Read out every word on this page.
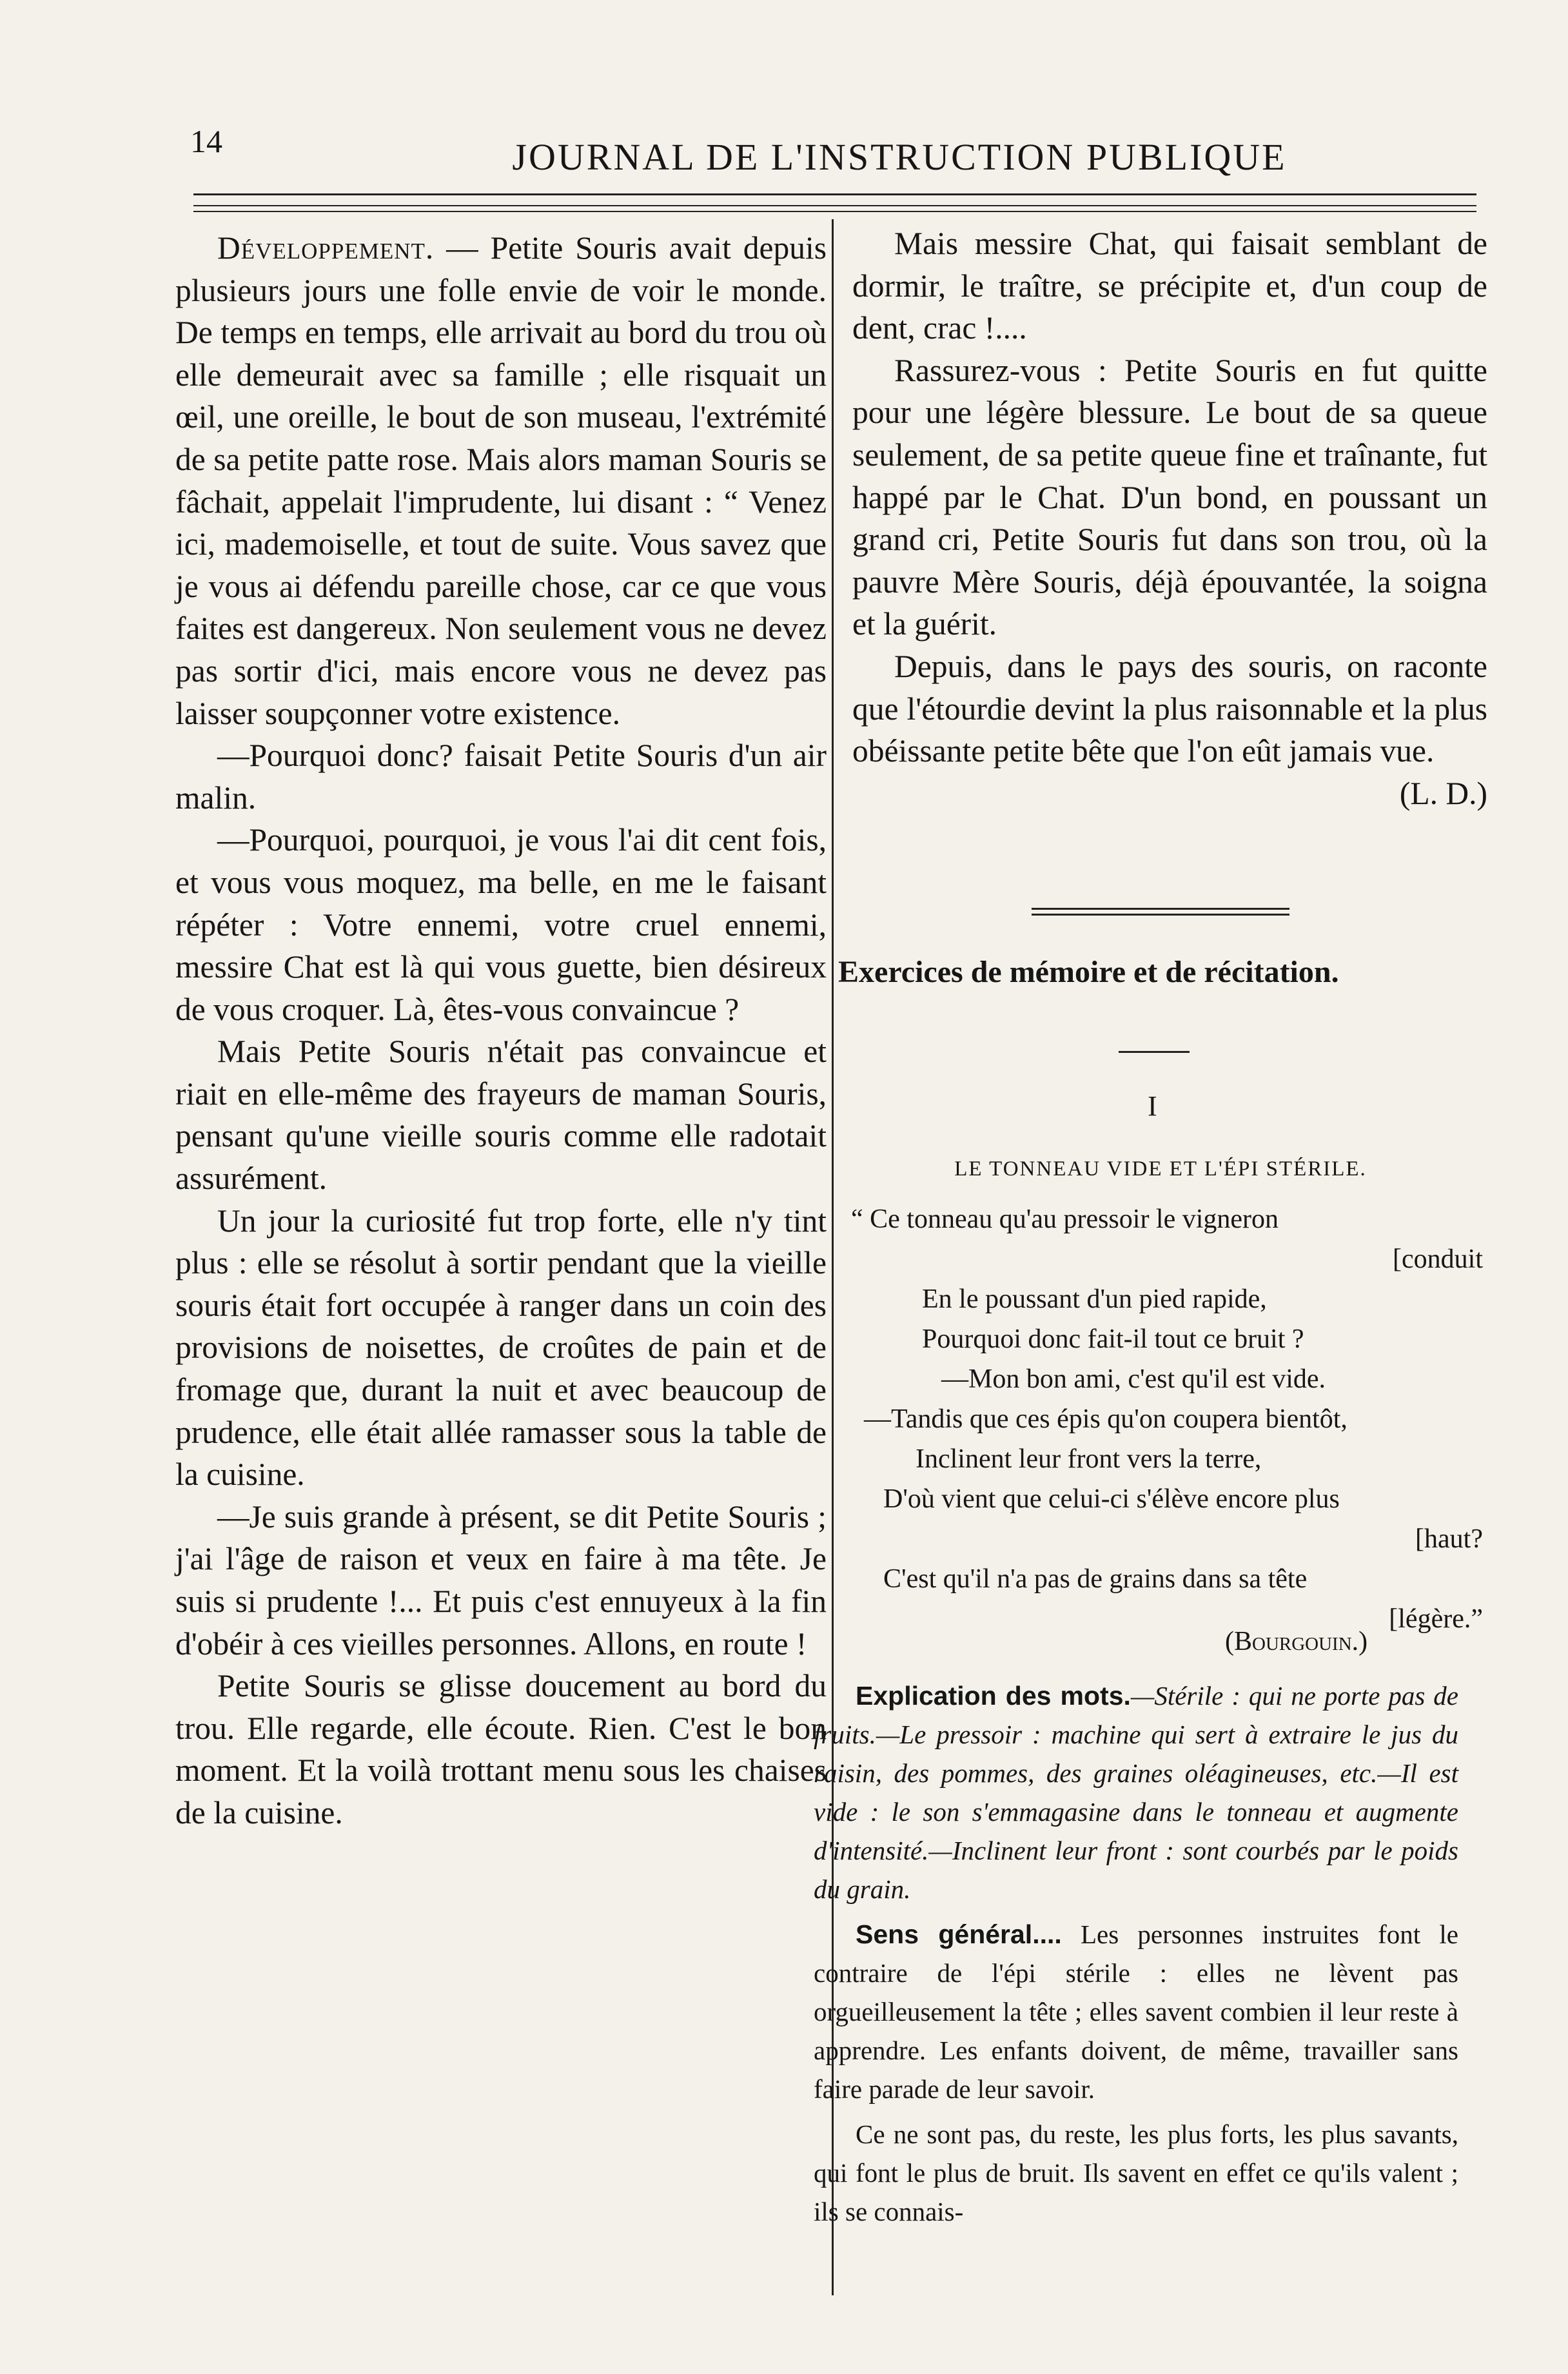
14	JOURNAL DE L'INSTRUCTION PUBLIQUE

Développement. — Petite Souris avait depuis plusieurs jours une folle envie de voir le monde. De temps en temps, elle arrivait au bord du trou où elle demeurait avec sa famille ; elle risquait un œil, une oreille, le bout de son museau, l'extrémité de sa petite patte rose. Mais alors maman Souris se fâchait, appelait l'imprudente, lui disant : “ Venez ici, mademoiselle, et tout de suite. Vous savez que je vous ai défendu pareille chose, car ce que vous faites est dangereux. Non seulement vous ne devez pas sortir d'ici, mais encore vous ne devez pas laisser soupçonner votre existence.

—Pourquoi donc? faisait Petite Souris d'un air malin.

—Pourquoi, pourquoi, je vous l'ai dit cent fois, et vous vous moquez, ma belle, en me le faisant répéter : Votre ennemi, votre cruel ennemi, messire Chat est là qui vous guette, bien désireux de vous croquer. Là, êtes-vous convaincue ?

Mais Petite Souris n'était pas convaincue et riait en elle-même des frayeurs de maman Souris, pensant qu'une vieille souris comme elle radotait assurément.

Un jour la curiosité fut trop forte, elle n'y tint plus : elle se résolut à sortir pendant que la vieille souris était fort occupée à ranger dans un coin des provisions de noisettes, de croûtes de pain et de fromage que, durant la nuit et avec beaucoup de prudence, elle était allée ramasser sous la table de la cuisine.

—Je suis grande à présent, se dit Petite Souris ; j'ai l'âge de raison et veux en faire à ma tête. Je suis si prudente !... Et puis c'est ennuyeux à la fin d'obéir à ces vieilles personnes. Allons, en route !

Petite Souris se glisse doucement au bord du trou. Elle regarde, elle écoute. Rien. C'est le bon moment. Et la voilà trottant menu sous les chaises de la cuisine.

Mais messire Chat, qui faisait semblant de dormir, le traître, se précipite et, d'un coup de dent, crac !....

Rassurez-vous : Petite Souris en fut quitte pour une légère blessure. Le bout de sa queue seulement, de sa petite queue fine et traînante, fut happé par le Chat. D'un bond, en poussant un grand cri, Petite Souris fut dans son trou, où la pauvre Mère Souris, déjà épouvantée, la soigna et la guérit.

Depuis, dans le pays des souris, on raconte que l'étourdie devint la plus raisonnable et la plus obéissante petite bête que l'on eût jamais vue.
(L. D.)

Exercices de mémoire et de récitation.
I
LE TONNEAU VIDE ET L'ÉPI STÉRILE.
“ Ce tonneau qu'au pressoir le vigneron
[conduit
En le poussant d'un pied rapide,
Pourquoi donc fait-il tout ce bruit ?
—Mon bon ami, c'est qu'il est vide.
—Tandis que ces épis qu'on coupera bientôt,
Inclinent leur front vers la terre,
D'où vient que celui-ci s'élève encore plus
[haut?
C'est qu'il n'a pas de grains dans sa tête
[légère.”
(Bourgouin.)

Explication des mots.—Stérile : qui ne porte pas de fruits.—Le pressoir : machine qui sert à extraire le jus du raisin, des pommes, des graines oléagineuses, etc.—Il est vide : le son s'emmagasine dans le tonneau et augmente d'intensité.—Inclinent leur front : sont courbés par le poids du grain.

Sens général.... Les personnes instruites font le contraire de l'épi stérile : elles ne lèvent pas orgueilleusement la tête ; elles savent combien il leur reste à apprendre. Les enfants doivent, de même, travailler sans faire parade de leur savoir.

Ce ne sont pas, du reste, les plus forts, les plus savants, qui font le plus de bruit. Ils savent en effet ce qu'ils valent ; ils se connais-
